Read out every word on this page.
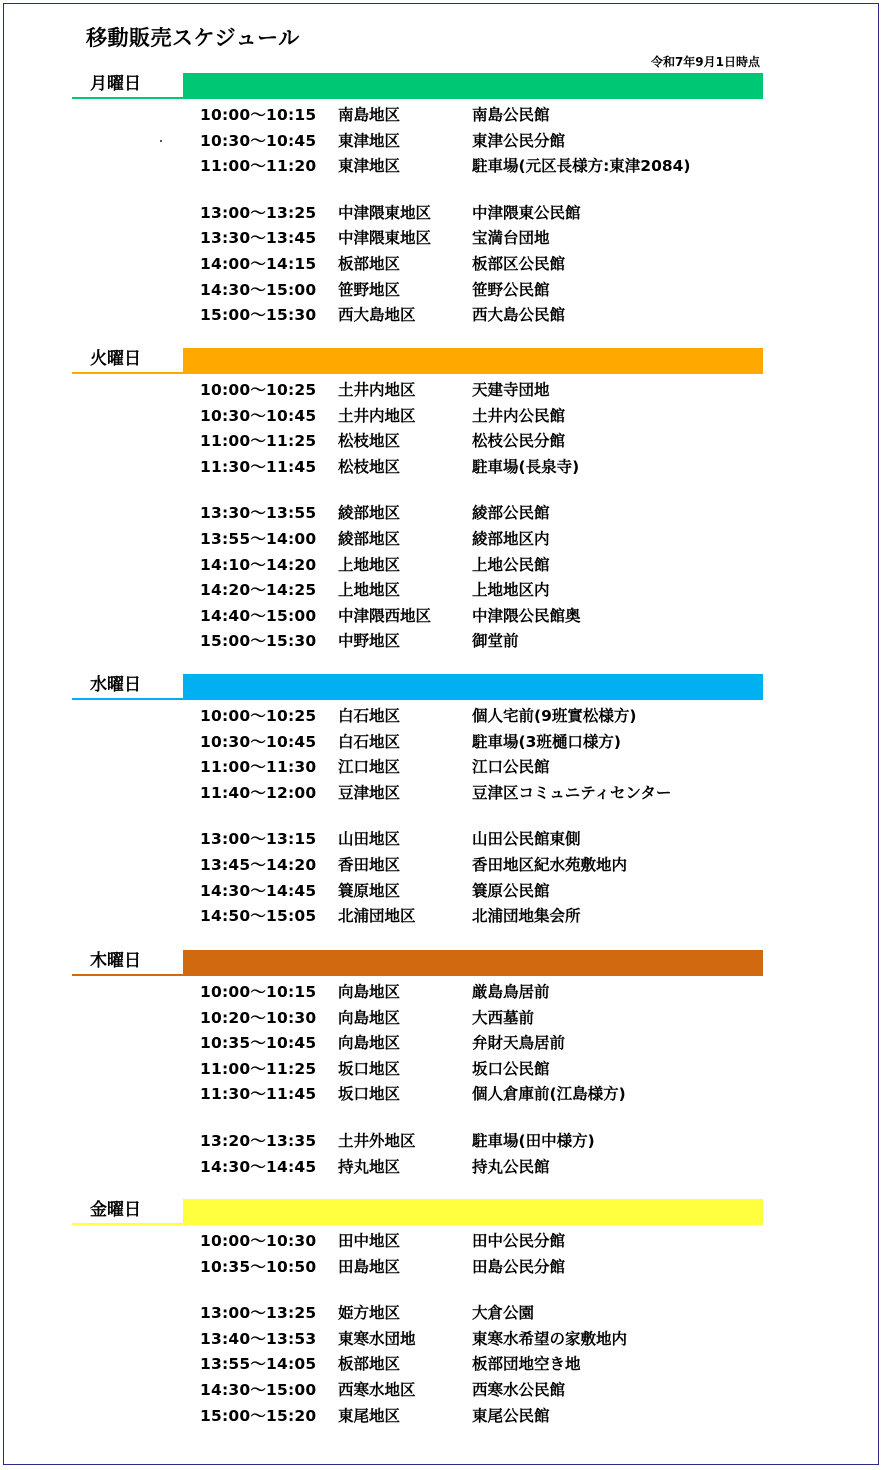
移動販売スケジュール
令和7年9月1日時点
月曜日
10:00〜10:15	南島地区	南島公民館
10:30〜10:45	東津地区	東津公民分館
11:00〜11:20	東津地区	駐車場(元区長様方:東津2084)
13:00〜13:25	中津隈東地区	中津隈東公民館
13:30〜13:45	中津隈東地区	宝満台団地
14:00〜14:15	板部地区	板部区公民館
14:30〜15:00	笹野地区	笹野公民館
15:00〜15:30	西大島地区	西大島公民館
火曜日
10:00〜10:25	土井内地区	天建寺団地
10:30〜10:45	土井内地区	土井内公民館
11:00〜11:25	松枝地区	松枝公民分館
11:30〜11:45	松枝地区	駐車場(長泉寺)
13:30〜13:55	綾部地区	綾部公民館
13:55〜14:00	綾部地区	綾部地区内
14:10〜14:20	上地地区	上地公民館
14:20〜14:25	上地地区	上地地区内
14:40〜15:00	中津隈西地区	中津隈公民館奥
15:00〜15:30	中野地区	御堂前
水曜日
10:00〜10:25	白石地区	個人宅前(9班實松様方)
10:30〜10:45	白石地区	駐車場(3班樋口様方)
11:00〜11:30	江口地区	江口公民館
11:40〜12:00	豆津地区	豆津区コミュニティセンター
13:00〜13:15	山田地区	山田公民館東側
13:45〜14:20	香田地区	香田地区紀水苑敷地内
14:30〜14:45	簑原地区	簑原公民館
14:50〜15:05	北浦団地区	北浦団地集会所
木曜日
10:00〜10:15	向島地区	厳島鳥居前
10:20〜10:30	向島地区	大西墓前
10:35〜10:45	向島地区	弁財天鳥居前
11:00〜11:25	坂口地区	坂口公民館
11:30〜11:45	坂口地区	個人倉庫前(江島様方)
13:20〜13:35	土井外地区	駐車場(田中様方)
14:30〜14:45	持丸地区	持丸公民館
金曜日
10:00〜10:30	田中地区	田中公民分館
10:35〜10:50	田島地区	田島公民分館
13:00〜13:25	姫方地区	大倉公園
13:40〜13:53	東寒水団地	東寒水希望の家敷地内
13:55〜14:05	板部地区	板部団地空き地
14:30〜15:00	西寒水地区	西寒水公民館
15:00〜15:20	東尾地区	東尾公民館
